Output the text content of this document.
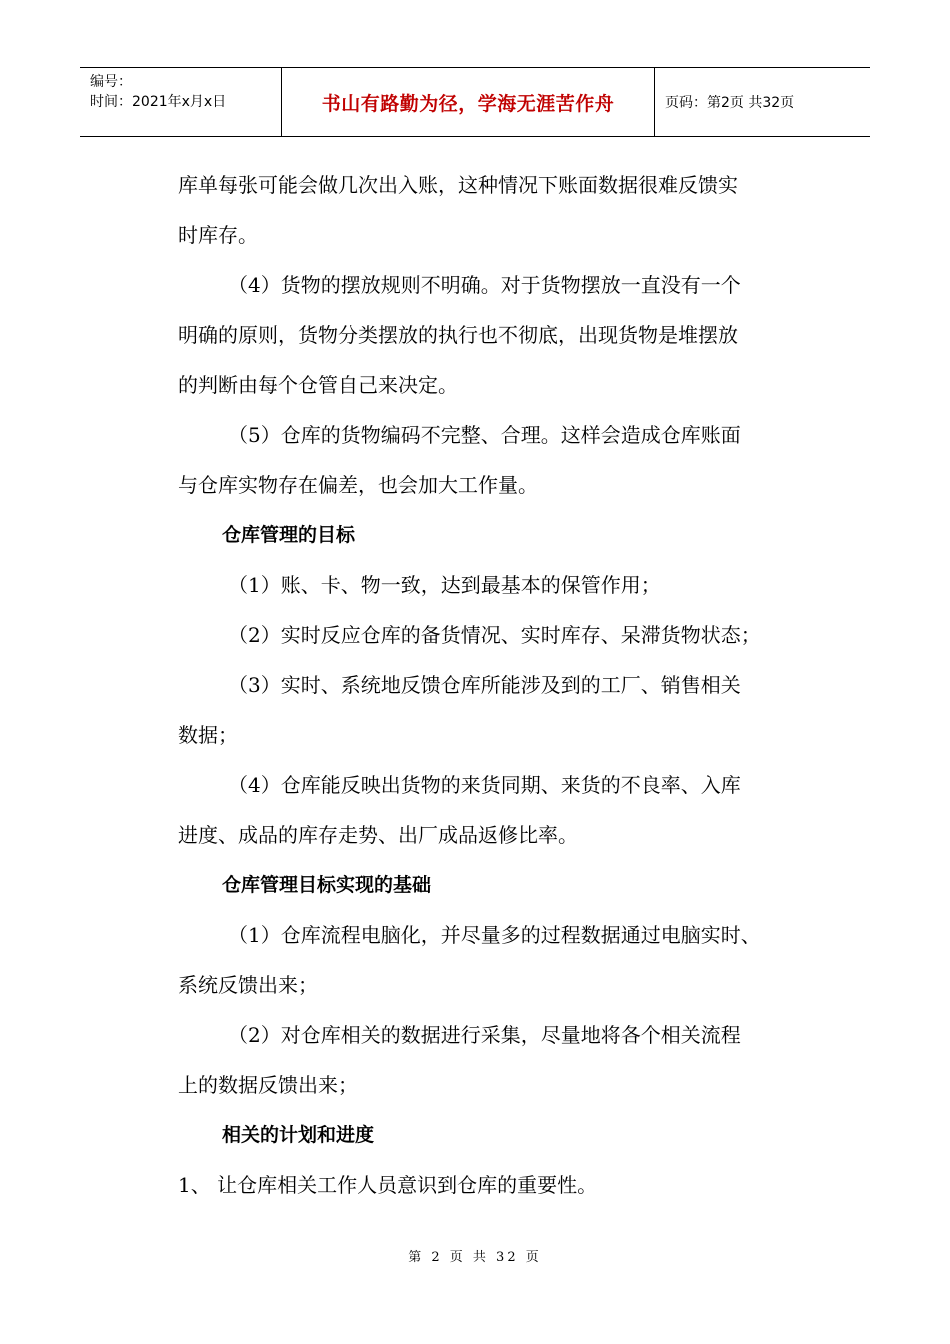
编号：
时间：2021年x月x日	书山有路勤为径，学海无涯苦作舟	页码：第2页 共32页

库单每张可能会做几次出入账，这种情况下账面数据很难反馈实

时库存。

（4）货物的摆放规则不明确。对于货物摆放一直没有一个

明确的原则，货物分类摆放的执行也不彻底，出现货物是堆摆放

的判断由每个仓管自己来决定。

（5）仓库的货物编码不完整、合理。这样会造成仓库账面

与仓库实物存在偏差，也会加大工作量。

仓库管理的目标

（1）账、卡、物一致，达到最基本的保管作用；

（2）实时反应仓库的备货情况、实时库存、呆滞货物状态；

（3）实时、系统地反馈仓库所能涉及到的工厂、销售相关

数据；

（4）仓库能反映出货物的来货同期、来货的不良率、入库

进度、成品的库存走势、出厂成品返修比率。

仓库管理目标实现的基础

（1）仓库流程电脑化，并尽量多的过程数据通过电脑实时、

系统反馈出来；

（2）对仓库相关的数据进行采集，尽量地将各个相关流程

上的数据反馈出来；

相关的计划和进度

1、 让仓库相关工作人员意识到仓库的重要性。

第 2 页 共 32 页
